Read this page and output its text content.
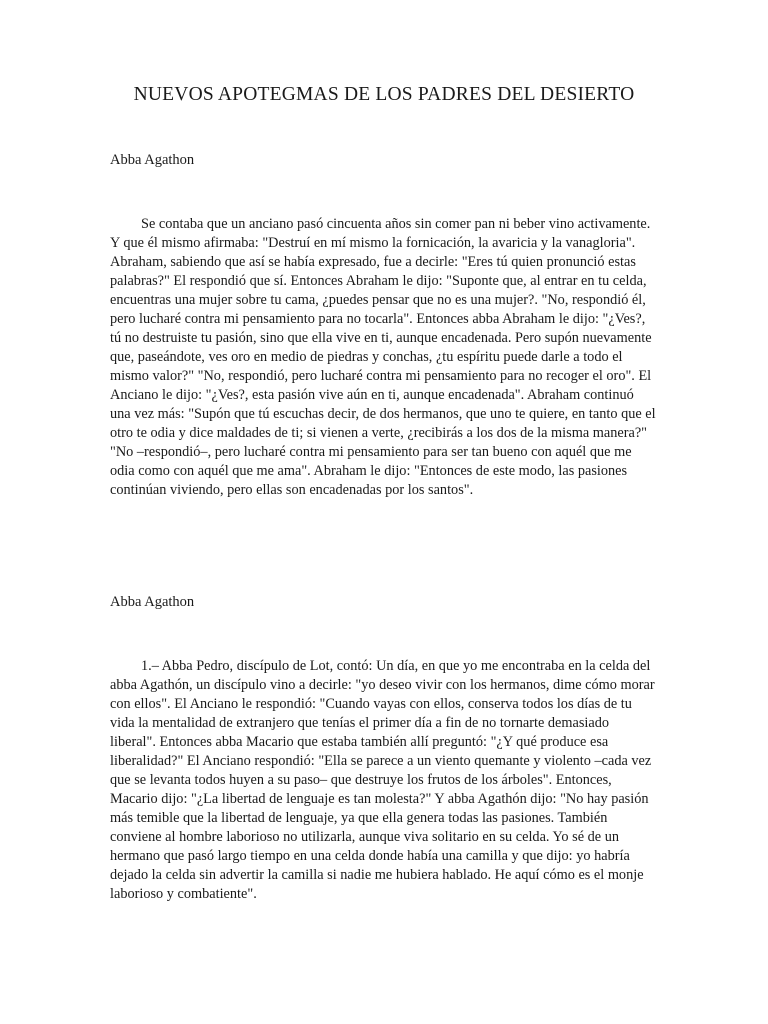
NUEVOS APOTEGMAS DE LOS PADRES DEL DESIERTO
Abba Agathon

Se contaba que un anciano pasó cincuenta años sin comer pan ni beber vino activamente. Y que él mismo afirmaba: "Destruí en mí mismo la fornicación, la avaricia y la vanagloria". Abraham, sabiendo que así se había expresado, fue a decirle: "Eres tú quien pronunció estas palabras?" El respondió que sí. Entonces Abraham le dijo: "Suponte que, al entrar en tu celda, encuentras una mujer sobre tu cama, ¿puedes pensar que no es una mujer?. "No, respondió él, pero lucharé contra mi pensamiento para no tocarla". Entonces abba Abraham le dijo: "¿Ves?, tú no destruiste tu pasión, sino que ella vive en ti, aunque encadenada. Pero supón nuevamente que, paseándote, ves oro en medio de piedras y conchas, ¿tu espíritu puede darle a todo el mismo valor?" "No, respondió, pero lucharé contra mi pensamiento para no recoger el oro". El Anciano le dijo: "¿Ves?, esta pasión vive aún en ti, aunque encadenada". Abraham continuó una vez más: "Supón que tú escuchas decir, de dos hermanos, que uno te quiere, en tanto que el otro te odia y dice maldades de ti; si vienen a verte, ¿recibirás a los dos de la misma manera?" "No –respondió–, pero lucharé contra mi pensamiento para ser tan bueno con aquél que me odia como con aquél que me ama". Abraham le dijo: "Entonces de este modo, las pasiones continúan viviendo, pero ellas son encadenadas por los santos".

Abba Agathon

1.– Abba Pedro, discípulo de Lot, contó: Un día, en que yo me encontraba en la celda del abba Agathón, un discípulo vino a decirle: "yo deseo vivir con los hermanos, dime cómo morar con ellos". El Anciano le respondió: "Cuando vayas con ellos, conserva todos los días de tu vida la mentalidad de extranjero que tenías el primer día a fin de no tornarte demasiado liberal". Entonces abba Macario que estaba también allí preguntó: "¿Y qué produce esa liberalidad?" El Anciano respondió: "Ella se parece a un viento quemante y violento –cada vez que se levanta todos huyen a su paso– que destruye los frutos de los árboles". Entonces, Macario dijo: "¿La libertad de lenguaje es tan molesta?" Y abba Agathón dijo: "No hay pasión más temible que la libertad de lenguaje, ya que ella genera todas las pasiones. También conviene al hombre laborioso no utilizarla, aunque viva solitario en su celda. Yo sé de un hermano que pasó largo tiempo en una celda donde había una camilla y que dijo: yo habría dejado la celda sin advertir la camilla si nadie me hubiera hablado. He aquí cómo es el monje laborioso y combatiente".
